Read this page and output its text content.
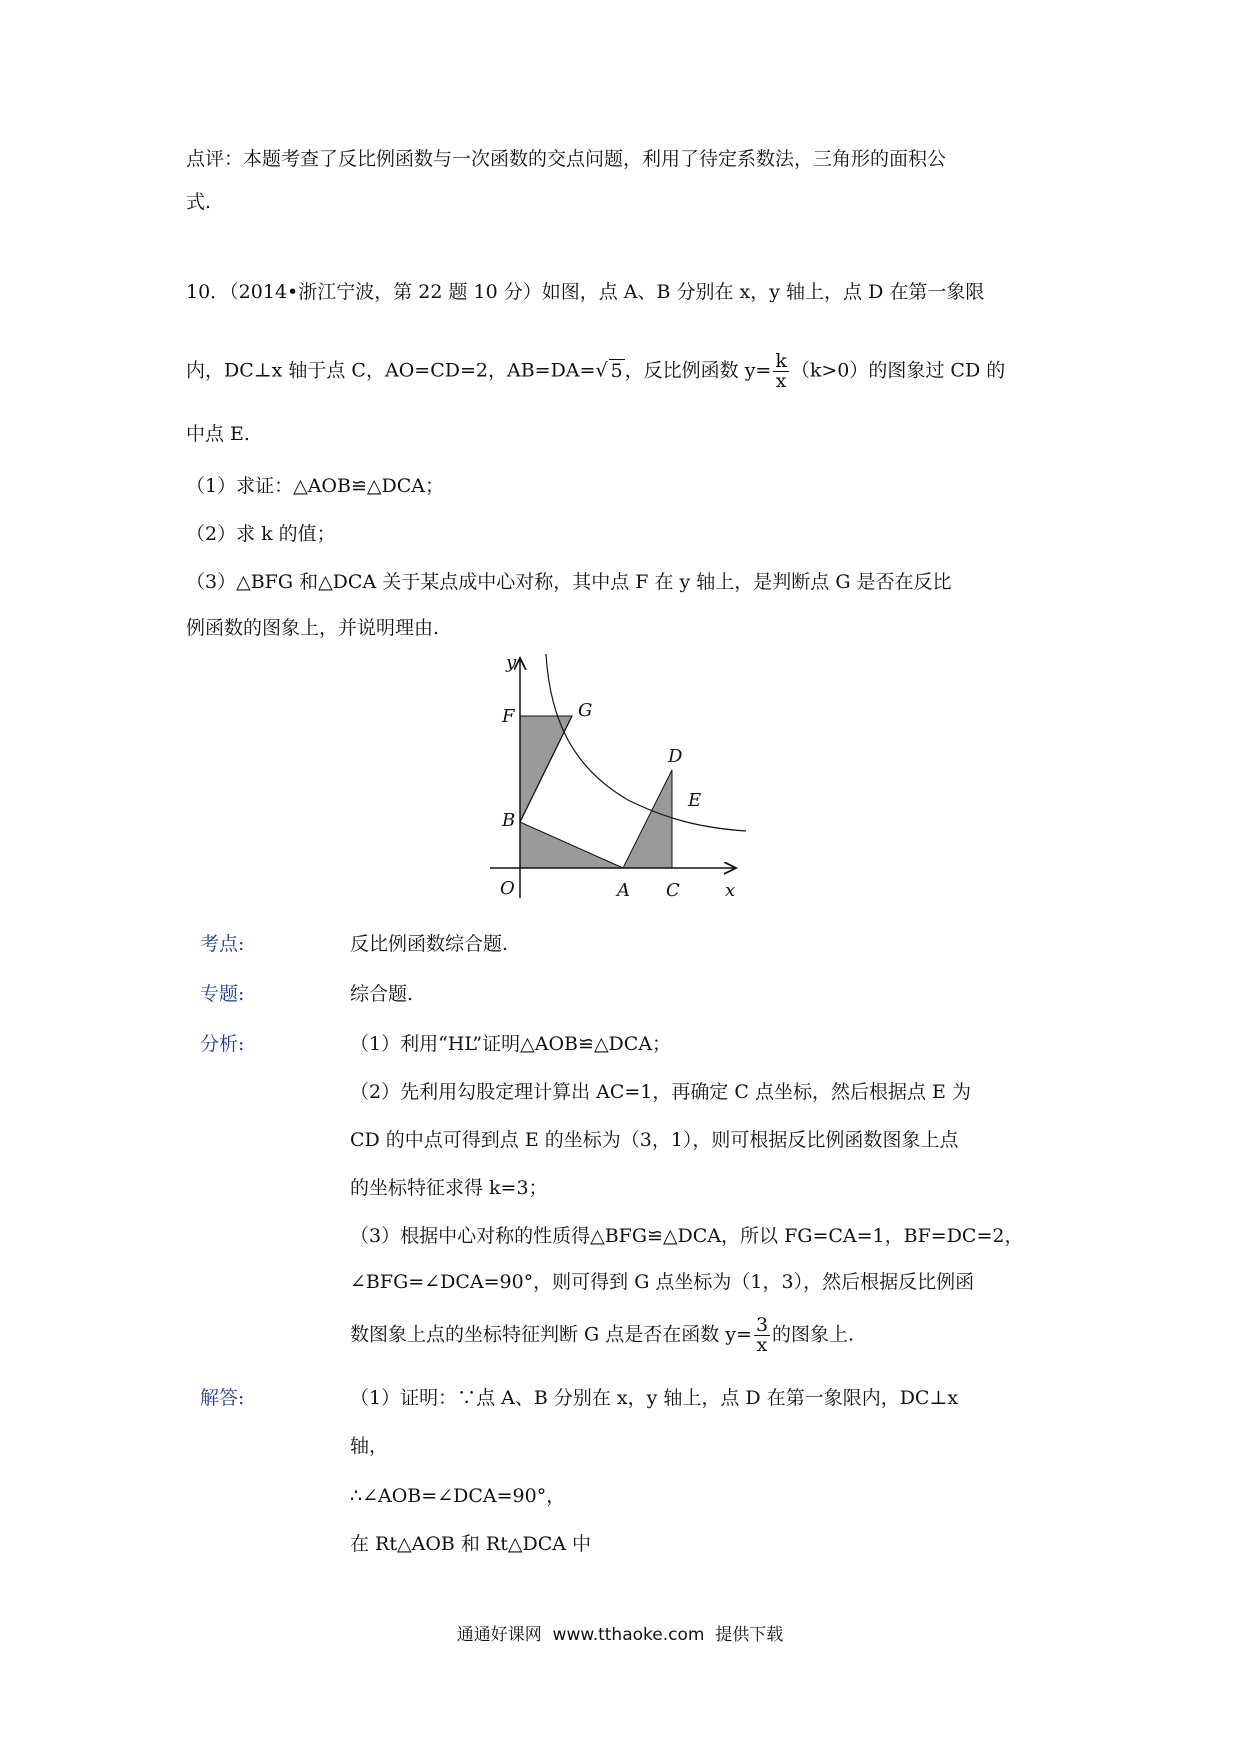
点评：本题考查了反比例函数与一次函数的交点问题，利用了待定系数法，三角形的面积公
式.
10．（2014•浙江宁波，第 22 题 10 分）如图，点 A、B 分别在 x，y 轴上，点 D 在第一象限
内，DC⊥x 轴于点 C，AO=CD=2，AB=DA=√ 5 ，反比例函数 $y= \frac{k}{x} (k>0)$的图象过 CD 的
中点 E.
（1）求证：△AOB≌△DCA；
（2）求 k 的值；
（3）△BFG 和△DCA 关于某点成中心对称，其中点 F 在 y 轴上，是判断点 G 是否在反比
例函数的图象上，并说明理由.
y
F	G
D
E
B
O	A C	x
考点:	反比例函数综合题.
专题:	综合题.
分析:	（1）利用“HL”证明△AOB≌△DCA；
（2）先利用勾股定理计算出 AC=1，再确定 C 点坐标，然后根据点 E 为
CD 的中点可得到点 E 的坐标为（3，1），则可根据反比例函数图象上点
的坐标特征求得 k=3；
（3）根据中心对称的性质得△BFG≌△DCA，所以 FG=CA=1，BF=DC=2，
∠BFG=∠DCA=90°，则可得到 G 点坐标为（1，3），然后根据反比例函
数图象上点的坐标特征判断 G 点是否在函数 $y= \frac{3}{x}$ 的图象上.
解答:	（1）证明：∵点 A、B 分别在 x，y 轴上，点 D 在第一象限内，DC⊥x
轴，
∴∠AOB=∠DCA=90°，
在 Rt△AOB 和 Rt△DCA 中
通通好课网  www.tthaoke.com  提供下载
